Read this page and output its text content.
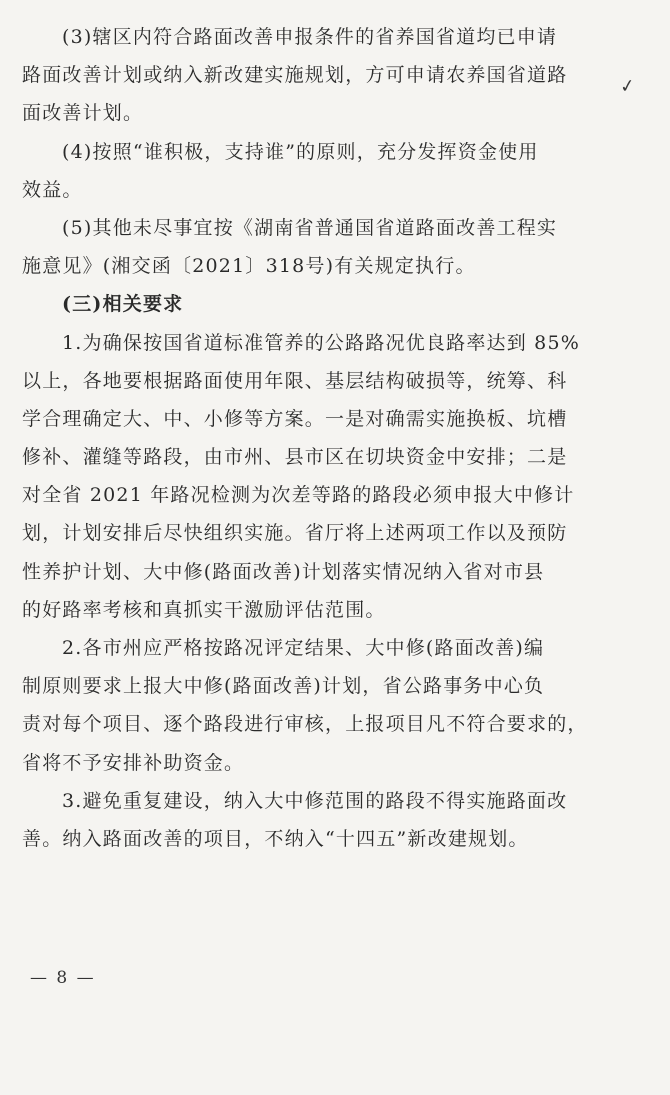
(3)辖区内符合路面改善申报条件的省养国省道均已申请
路面改善计划或纳入新改建实施规划，方可申请农养国省道路
面改善计划。
(4)按照“谁积极，支持谁”的原则，充分发挥资金使用
效益。
(5)其他未尽事宜按《湖南省普通国省道路面改善工程实
施意见》(湘交函〔2021〕318号)有关规定执行。
(三)相关要求
1.为确保按国省道标准管养的公路路况优良路率达到 85%
以上，各地要根据路面使用年限、基层结构破损等，统筹、科
学合理确定大、中、小修等方案。一是对确需实施换板、坑槽
修补、灌缝等路段，由市州、县市区在切块资金中安排；二是
对全省 2021 年路况检测为次差等路的路段必须申报大中修计
划，计划安排后尽快组织实施。省厅将上述两项工作以及预防
性养护计划、大中修(路面改善)计划落实情况纳入省对市县
的好路率考核和真抓实干激励评估范围。
2.各市州应严格按路况评定结果、大中修(路面改善)编
制原则要求上报大中修(路面改善)计划，省公路事务中心负
责对每个项目、逐个路段进行审核，上报项目凡不符合要求的，
省将不予安排补助资金。
3.避免重复建设，纳入大中修范围的路段不得实施路面改
善。纳入路面改善的项目，不纳入“十四五”新改建规划。
✓
— 8 —
